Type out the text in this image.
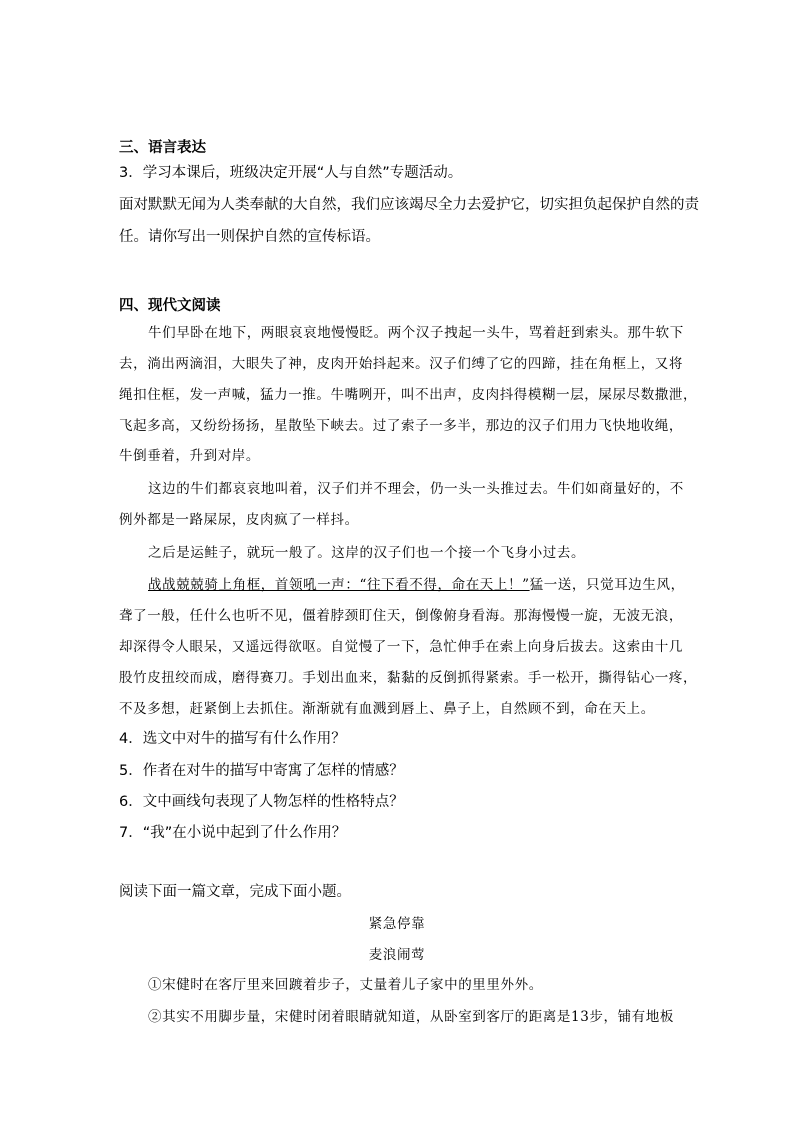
三、语言表达
3．学习本课后，班级决定开展“人与自然”专题活动。
面对默默无闻为人类奉献的大自然，我们应该竭尽全力去爱护它，切实担负起保护自然的责
任。请你写出一则保护自然的宣传标语。
四、现代文阅读
牛们早卧在地下，两眼哀哀地慢慢眨。两个汉子拽起一头牛，骂着赶到索头。那牛软下
去，淌出两滴泪，大眼失了神，皮肉开始抖起来。汉子们缚了它的四蹄，挂在角框上，又将
绳扣住框，发一声喊，猛力一推。牛嘴咧开，叫不出声，皮肉抖得模糊一层，屎尿尽数撒泄，
飞起多高，又纷纷扬扬，星散坠下峡去。过了索子一多半，那边的汉子们用力飞快地收绳，
牛倒垂着，升到对岸。
这边的牛们都哀哀地叫着，汉子们并不理会，仍一头一头推过去。牛们如商量好的，不
例外都是一路屎尿，皮肉疯了一样抖。
之后是运鲑子，就玩一般了。这岸的汉子们也一个接一个飞身小过去。
战战兢兢骑上角框，首领吼一声：“往下看不得，命在天上！”猛一送，只觉耳边生风，
聋了一般，任什么也听不见，僵着脖颈盯住天，倒像俯身看海。那海慢慢一旋，无波无浪，
却深得令人眼呆，又遥远得欲呕。自觉慢了一下，急忙伸手在索上向身后拔去。这索由十几
股竹皮扭绞而成，磨得赛刀。手划出血来，黏黏的反倒抓得紧索。手一松开，撕得钻心一疼，
不及多想，赶紧倒上去抓住。渐渐就有血溅到唇上、鼻子上，自然顾不到，命在天上。
4．选文中对牛的描写有什么作用？
5．作者在对牛的描写中寄寓了怎样的情感？
6．文中画线句表现了人物怎样的性格特点？
7．“我”在小说中起到了什么作用？
阅读下面一篇文章，完成下面小题。
紧急停靠
麦浪闹莺
①宋健时在客厅里来回踱着步子，丈量着儿子家中的里里外外。
②其实不用脚步量，宋健时闭着眼睛就知道，从卧室到客厅的距离是13步，铺有地板
